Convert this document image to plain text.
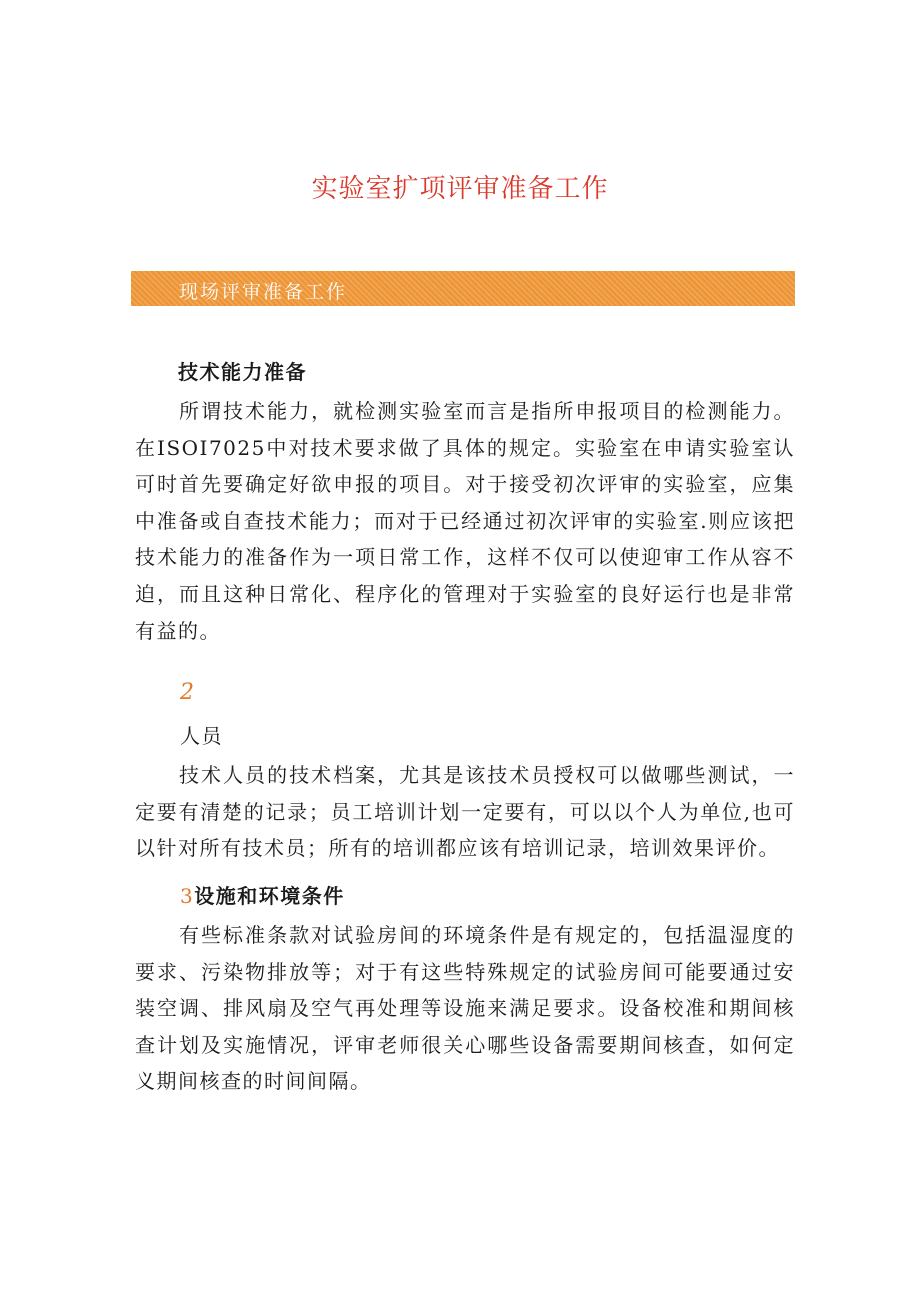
实验室扩项评审准备工作
现场评审准备工作
技术能力准备
所谓技术能力，就检测实验室而言是指所申报项目的检测能力。在ISOI7025中对技术要求做了具体的规定。实验室在申请实验室认可时首先要确定好欲申报的项目。对于接受初次评审的实验室，应集中准备或自查技术能力；而对于已经通过初次评审的实验室.则应该把技术能力的准备作为一项日常工作，这样不仅可以使迎审工作从容不迫，而且这种日常化、程序化的管理对于实验室的良好运行也是非常有益的。
2
人员
技术人员的技术档案，尤其是该技术员授权可以做哪些测试，一定要有清楚的记录；员工培训计划一定要有，可以以个人为单位,也可以针对所有技术员；所有的培训都应该有培训记录，培训效果评价。
3设施和环境条件
有些标准条款对试验房间的环境条件是有规定的，包括温湿度的要求、污染物排放等；对于有这些特殊规定的试验房间可能要通过安装空调、排风扇及空气再处理等设施来满足要求。设备校准和期间核查计划及实施情况，评审老师很关心哪些设备需要期间核查，如何定义期间核查的时间间隔。
